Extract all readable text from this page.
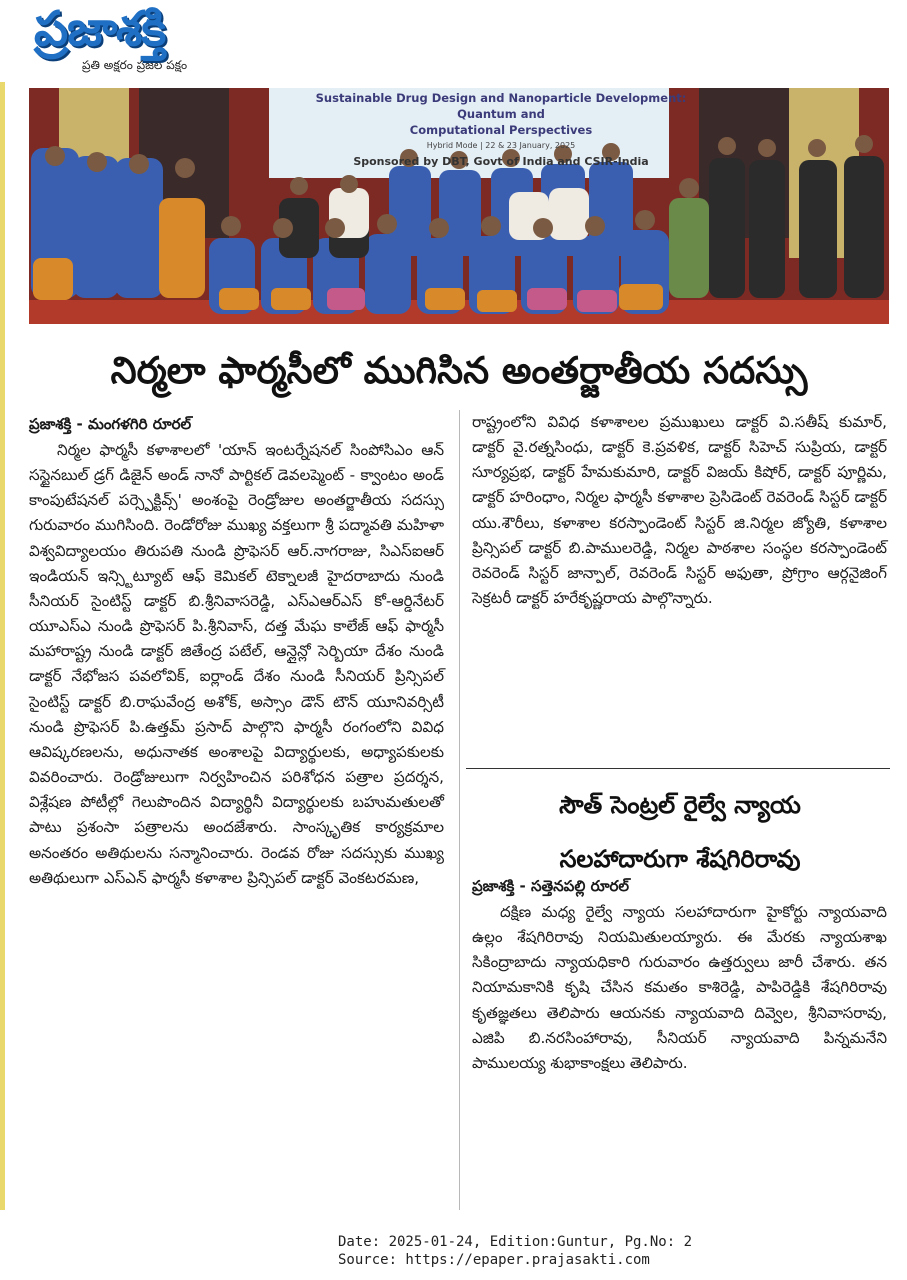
ప్రజాశక్తి
ప్రతి అక్షరం ప్రజల పక్షం
Sustainable Drug Design and Nanoparticle Development: Quantum and
Computational Perspectives
Hybrid Mode | 22 & 23 January, 2025
Sponsored by DBT, Govt of India and CSIR-India
నిర్మలా ఫార్మసీలో ముగిసిన అంతర్జాతీయ సదస్సు
ప్రజాశక్తి - మంగళగిరి రూరల్

నిర్మల ఫార్మసీ కళాశాలలో 'యాన్ ఇంటర్నేషనల్ సింపోసిఎం ఆన్ సస్టైనబుల్ డ్రగ్ డిజైన్ అండ్ నానో పార్టికల్ డెవలప్మెంట్ - క్వాంటం అండ్ కాంపుటేషనల్ పర్స్పెక్టివ్స్' అంశంపై రెండ్రోజుల అంతర్జాతీయ సదస్సు గురువారం ముగిసింది. రెండోరోజు ముఖ్య వక్తలుగా శ్రీ పద్మావతి మహిళా విశ్వవిద్యాలయం తిరుపతి నుండి ప్రొఫెసర్ ఆర్.నాగరాజు, సిఎస్ఐఆర్ ఇండియన్ ఇన్స్టిట్యూట్ ఆఫ్ కెమికల్ టెక్నాలజీ హైదరాబాదు నుండి సీనియర్ సైంటిస్ట్ డాక్టర్ బి.శ్రీనివాసరెడ్డి, ఎస్ఎఆర్ఎస్ కో-ఆర్డినేటర్ యూఎస్ఎ నుండి ప్రొఫెసర్ పి.శ్రీనివాస్, దత్త మేఘ కాలేజ్ ఆఫ్ ఫార్మసీ మహారాష్ట్ర నుండి డాక్టర్ జితేంద్ర పటేల్, ఆన్లైన్లో సెర్బియా దేశం నుండి డాక్టర్ నేభోజస పవలోవిక్, ఐర్లాండ్ దేశం నుండి సీనియర్ ప్రిన్సిపల్ సైంటిస్ట్ డాక్టర్ బి.రాఘవేంద్ర అశోక్, అస్సాం డౌన్ టౌన్ యూనివర్సిటీ నుండి ప్రొఫెసర్ పి.ఉత్తమ్ ప్రసాద్ పాల్గొని ఫార్మసీ రంగంలోని వివిధ ఆవిష్కరణలను, అధునాతక అంశాలపై విద్యార్థులకు, అధ్యాపకులకు వివరించారు. రెండ్రోజులుగా నిర్వహించిన పరిశోధన పత్రాల ప్రదర్శన, విశ్లేషణ పోటీల్లో గెలుపొందిన విద్యార్థినీ విద్యార్థులకు బహుమతులతో పాటు ప్రశంసా పత్రాలను అందజేశారు. సాంస్కృతిక కార్యక్రమాల అనంతరం అతిథులను సన్మానించారు. రెండవ రోజు సదస్సుకు ముఖ్య అతిథులుగా ఎస్ఎన్ ఫార్మసీ కళాశాల ప్రిన్సిపల్ డాక్టర్ వెంకటరమణ,

రాష్ట్రంలోని వివిధ కళాశాలల ప్రముఖులు డాక్టర్ వి.సతీష్ కుమార్, డాక్టర్ వై.రత్నసింధు, డాక్టర్ కె.ప్రవళిక, డాక్టర్ సిహెచ్ సుప్రియ, డాక్టర్ సూర్యప్రభ, డాక్టర్ హేమకుమారి, డాక్టర్ విజయ్ కిషోర్, డాక్టర్ పూర్ణిమ, డాక్టర్ హరింధాం, నిర్మల ఫార్మసీ కళాశాల ప్రెసిడెంట్ రెవరెండ్ సిస్టర్ డాక్టర్ యు.శౌరీలు, కళాశాల కరస్పాండెంట్ సిస్టర్ జి.నిర్మల జ్యోతి, కళాశాల ప్రిన్సిపల్ డాక్టర్ బి.పాములరెడ్డి, నిర్మల పాఠశాల సంస్థల కరస్పాండెంట్ రెవరెండ్ సిస్టర్ జాన్పాల్, రెవరెండ్ సిస్టర్ అఫుతా, ప్రోగ్రాం ఆర్గనైజింగ్ సెక్రటరీ డాక్టర్ హరేకృష్ణరాయ పాల్గొన్నారు.

సౌత్ సెంట్రల్ రైల్వే న్యాయ
సలహాదారుగా శేషగిరిరావు
ప్రజాశక్తి - సత్తెనపల్లి రూరల్

దక్షిణ మధ్య రైల్వే న్యాయ సలహాదారుగా హైకోర్టు న్యాయవాది ఉల్లం శేషగిరిరావు నియమితులయ్యారు. ఈ మేరకు న్యాయశాఖ సికింద్రాబాదు న్యాయధికారి గురువారం ఉత్తర్వులు జారీ చేశారు. తన నియామకానికి కృషి చేసిన కమతం కాశిరెడ్డి, పాపిరెడ్డికి శేషగిరిరావు కృతజ్ఞతలు తెలిపారు ఆయనకు న్యాయవాది దివ్వెల, శ్రీనివాసరావు, ఎజిపి బి.నరసింహారావు, సీనియర్ న్యాయవాది పిన్నమనేని పాములయ్య శుభాకాంక్షలు తెలిపారు.

Date: 2025-01-24, Edition:Guntur, Pg.No: 2
Source: https://epaper.prajasakti.com
